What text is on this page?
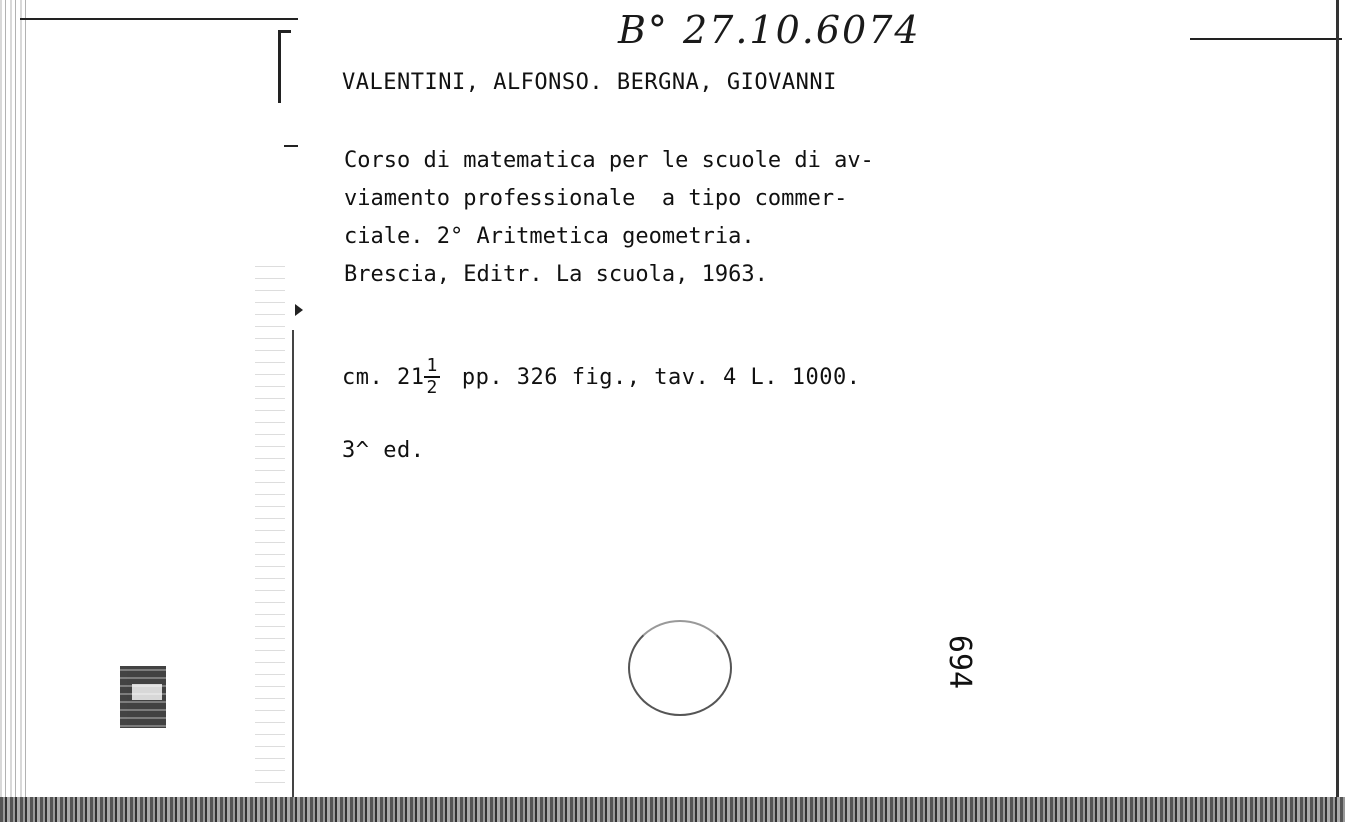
B° 27.10.6074
VALENTINI, ALFONSO. BERGNA, GIOVANNI
Corso di matematica per le scuole di av-
viamento professionale  a tipo commer-
ciale. 2° Aritmetica geometria.
Brescia, Editr. La scuola, 1963.
cm. $21 \frac{1}{2}$ pp. 326 fig., tav. 4 L. 1000.
3^ ed.
694
